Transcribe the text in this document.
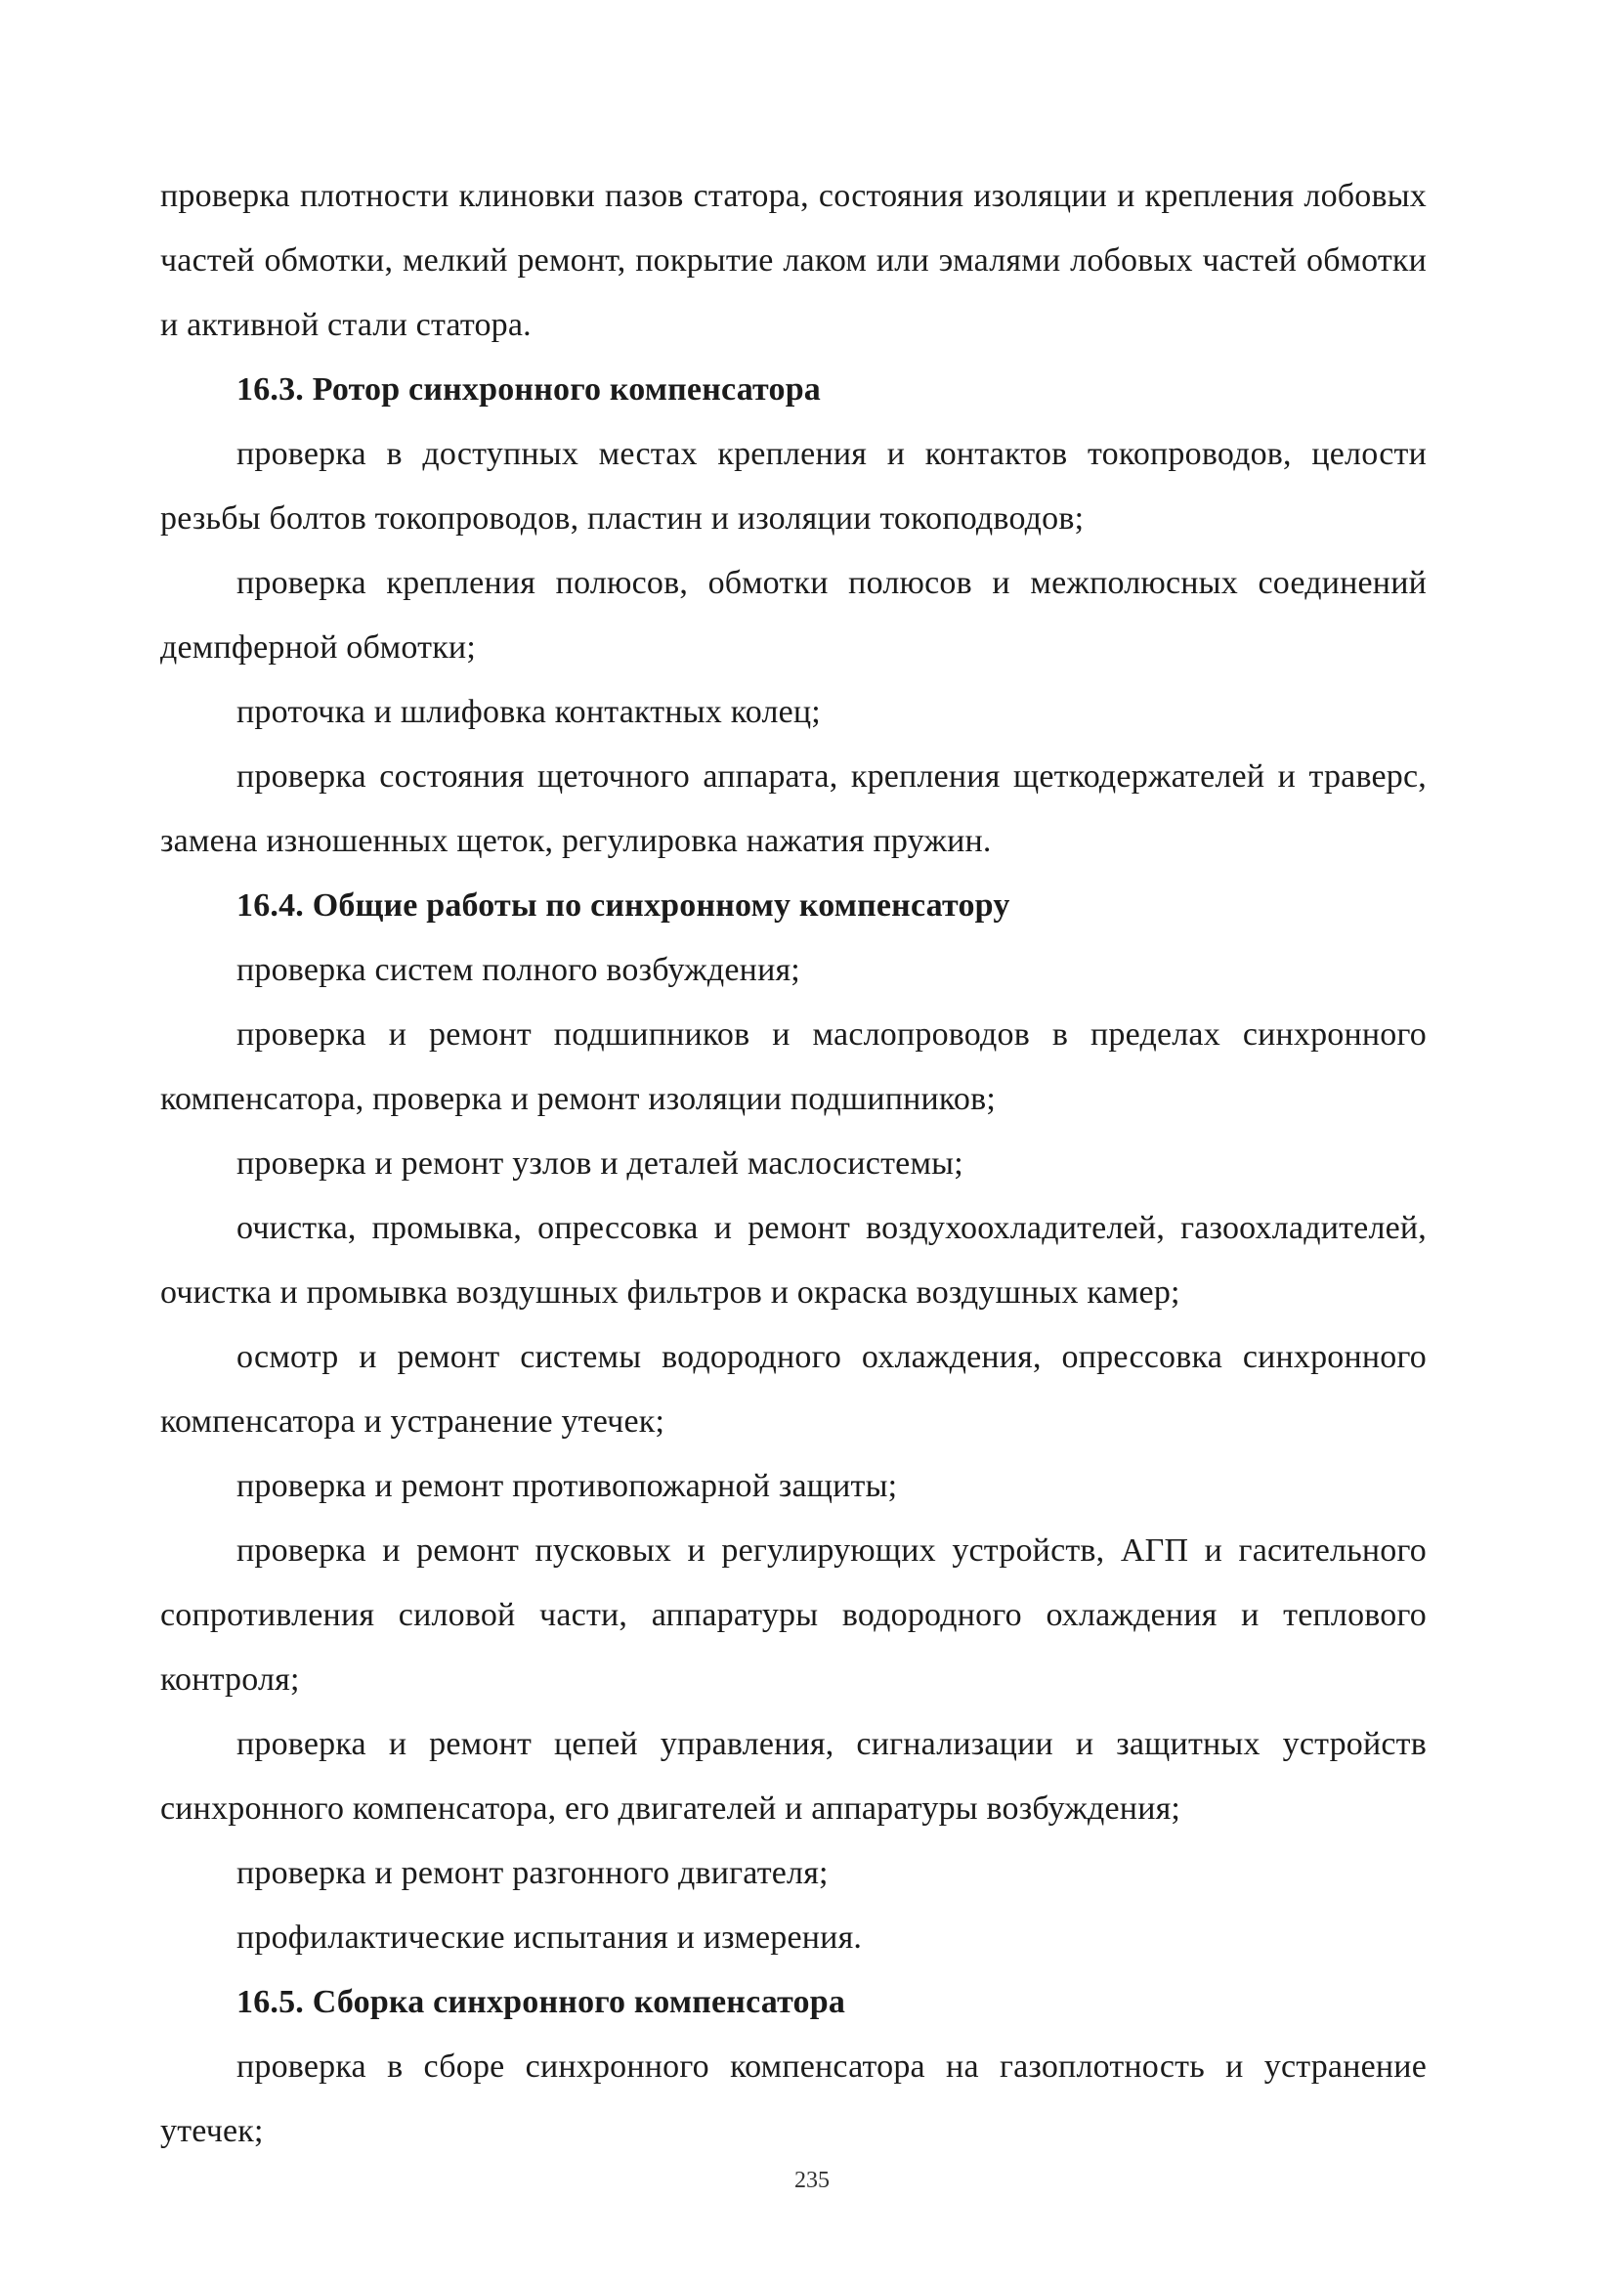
проверка плотности клиновки пазов статора, состояния изоляции и крепления лобовых частей обмотки, мелкий ремонт, покрытие лаком или эмалями лобовых частей обмотки и активной стали статора.

16.3. Ротор синхронного компенсатора

проверка в доступных местах крепления и контактов токопроводов, целости резьбы болтов токопроводов, пластин и изоляции токоподводов;

проверка крепления полюсов, обмотки полюсов и межполюсных соединений демпферной обмотки;

проточка и шлифовка контактных колец;

проверка состояния щеточного аппарата, крепления щеткодержателей и траверс, замена изношенных щеток, регулировка нажатия пружин.

16.4. Общие работы по синхронному компенсатору

проверка систем полного возбуждения;

проверка и ремонт подшипников и маслопроводов в пределах синхронного компенсатора, проверка и ремонт изоляции подшипников;

проверка и ремонт узлов и деталей маслосистемы;

очистка, промывка, опрессовка и ремонт воздухоохладителей, газоохладителей, очистка и промывка воздушных фильтров и окраска воздушных камер;

осмотр и ремонт системы водородного охлаждения, опрессовка синхронного компенсатора и устранение утечек;

проверка и ремонт противопожарной защиты;

проверка и ремонт пусковых и регулирующих устройств, АГП и гасительного сопротивления силовой части, аппаратуры водородного охлаждения и теплового контроля;

проверка и ремонт цепей управления, сигнализации и защитных устройств синхронного компенсатора, его двигателей и аппаратуры возбуждения;

проверка и ремонт разгонного двигателя;

профилактические испытания и измерения.

16.5. Сборка синхронного компенсатора

проверка в сборе синхронного компенсатора на газоплотность и устранение утечек;

235
